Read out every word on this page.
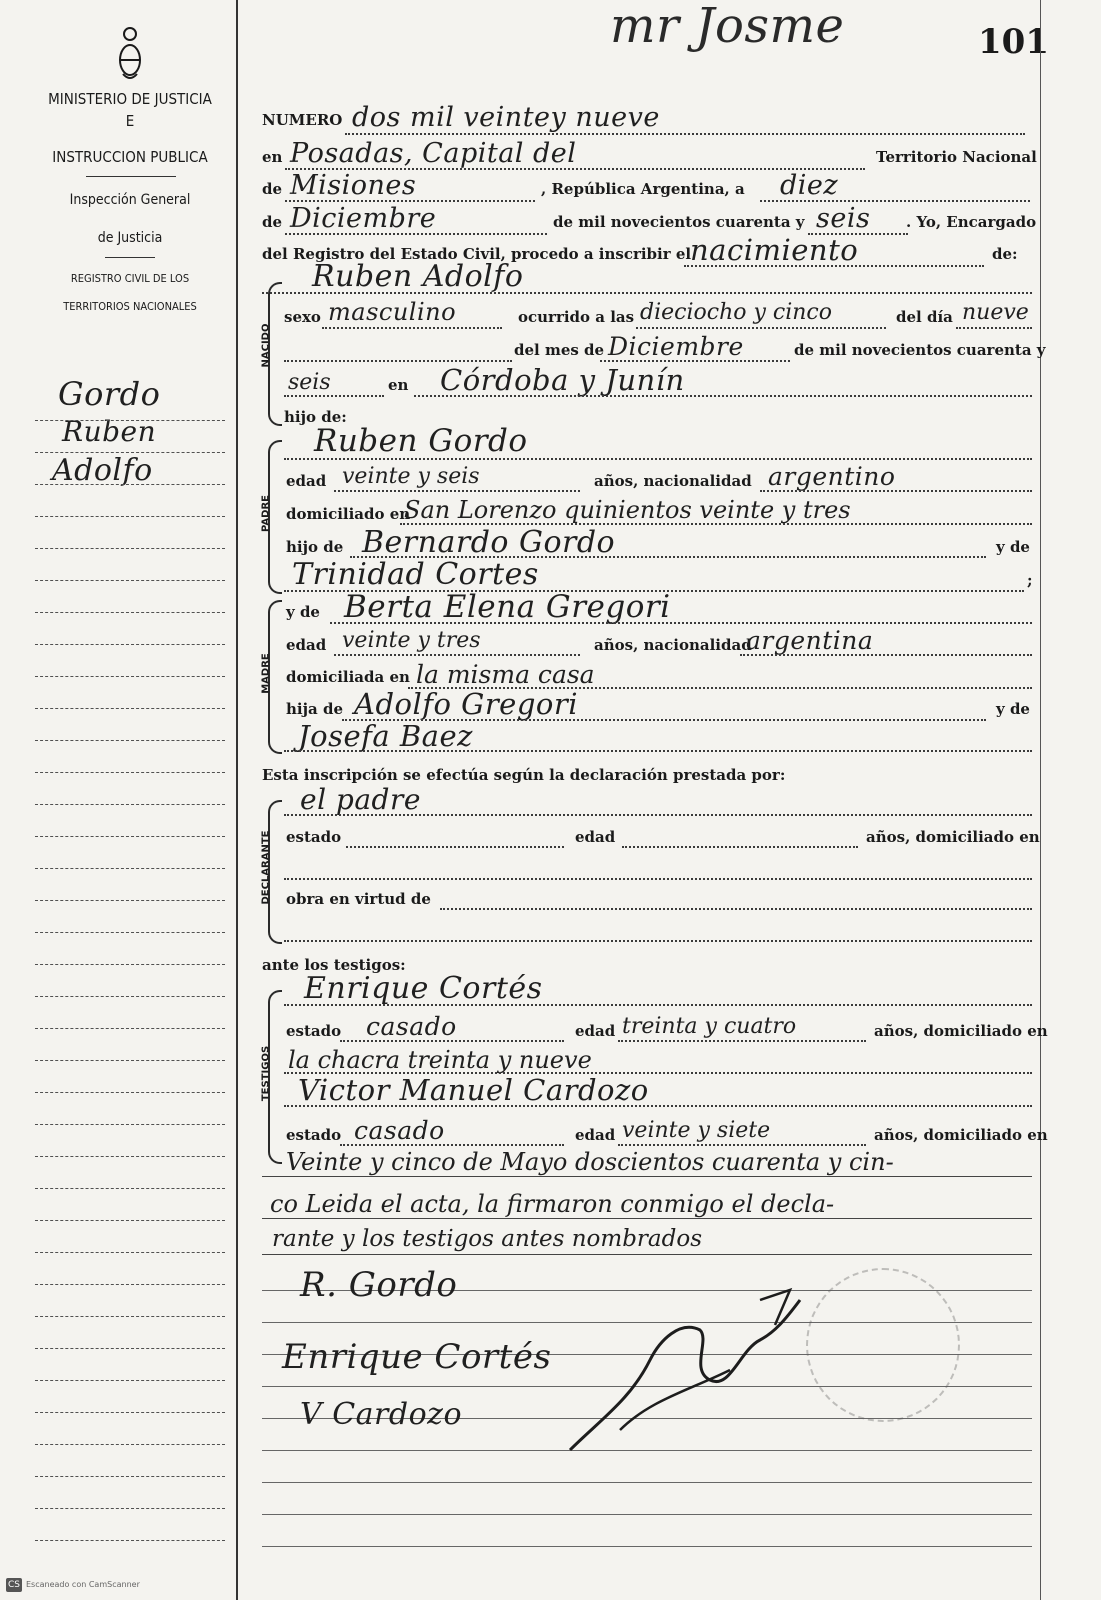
MINISTERIO DE JUSTICIA
E
INSTRUCCION PUBLICA
Inspección General
de Justicia
REGISTRO CIVIL DE LOS
TERRITORIOS NACIONALES
Gordo
Ruben
Adolfo
mr Josme	101
NUMERO dos mil veintey nueve
en Posadas, Capital del	Territorio Nacional
de Misiones	, República Argentina, a diez
de Diciembre	de mil novecientos cuarenta y seis . Yo, Encargado
del Registro del Estado Civil, procedo a inscribir el
nacimiento	de:
Ruben Adolfo
NACIDO
sexo masculino	ocurrido a las dieciocho y cinco	del día nueve
del mes de Diciembre	de mil novecientos cuarenta y
seis	en Córdoba y Junín
hijo de:
Ruben Gordo
PADRE
edad veinte y seis	años, nacionalidad argentino
domiciliado en
San Lorenzo quinientos veinte y tres
hijo de Bernardo Gordo	y de
Trinidad Cortes	;
MADRE
y de Berta Elena Gregori
edad veinte y tres	años, nacionalidad
argentina
domiciliada en la misma casa
hija de Adolfo Gregori	y de
Josefa Baez
Esta inscripción se efectúa según la declaración prestada por:
el padre
DECLARANTE estado	edad	años, domiciliado en
obra en virtud de
ante los testigos:
Enrique Cortés
TESTIGOS
estado casado	edad treinta y cuatro	años, domiciliado en
la chacra treinta y nueve
Victor Manuel Cardozo
estado casado	edad veinte y siete	años, domiciliado en
Veinte y cinco de Mayo doscientos cuarenta y cin-
co Leida el acta, la firmaron conmigo el decla-
rante y los testigos antes nombrados
R. Gordo
Enrique Cortés
V Cardozo
CS Escaneado con CamScanner
